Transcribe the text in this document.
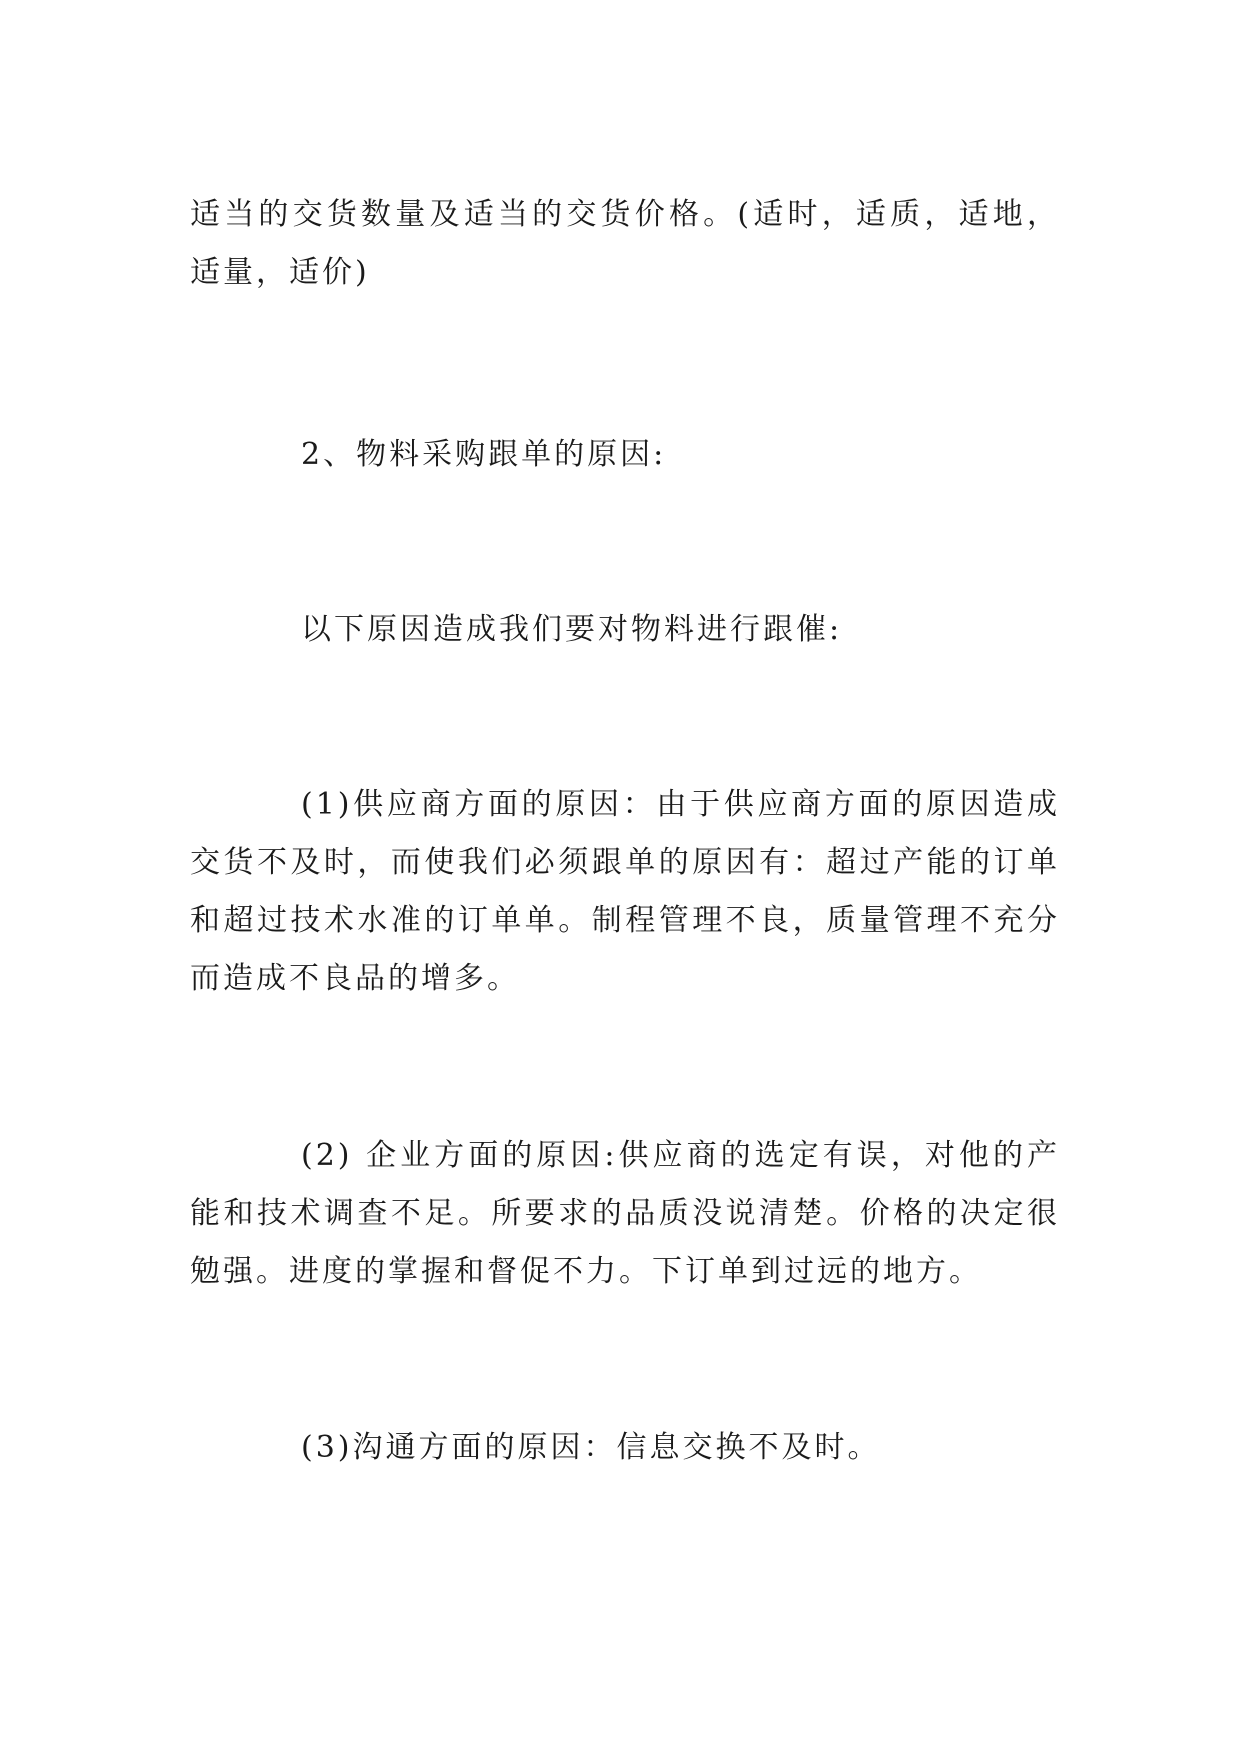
适当的交货数量及适当的交货价格。(适时，适质，适地，适量，适价)

2、物料采购跟单的原因:

以下原因造成我们要对物料进行跟催:

(1)供应商方面的原因：由于供应商方面的原因造成交货不及时，而使我们必须跟单的原因有：超过产能的订单和超过技术水准的订单单。制程管理不良，质量管理不充分而造成不良品的增多。

(2) 企业方面的原因:供应商的选定有误，对他的产能和技术调查不足。所要求的品质没说清楚。价格的决定很勉强。进度的掌握和督促不力。下订单到过远的地方。

(3)沟通方面的原因：信息交换不及时。
